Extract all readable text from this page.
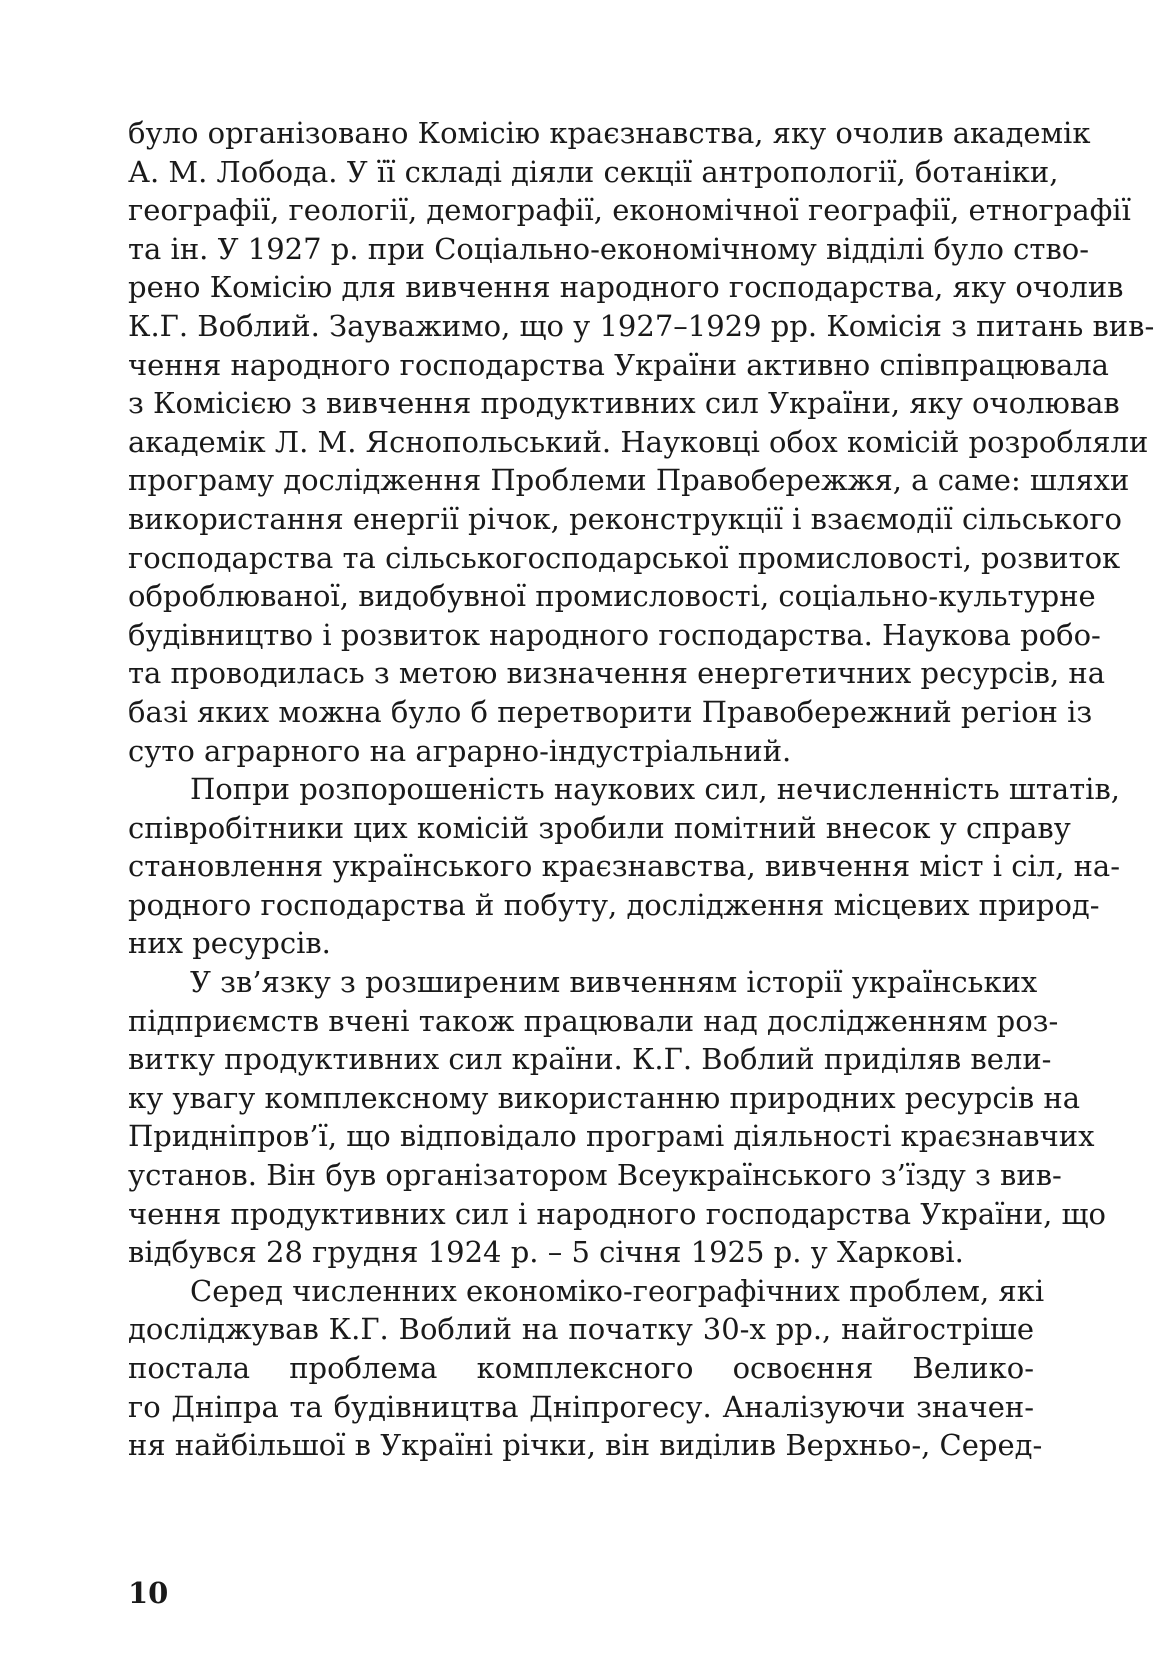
було організовано Комісію краєзнавства, яку очолив академік
А. М. Лобода. У її складі діяли секції антропології, ботаніки,
географії, геології, демографії, економічної географії, етнографії
та ін. У 1927 р. при Соціально-економічному відділі було ство-
рено Комісію для вивчення народного господарства, яку очолив
К.Г. Воблий. Зауважимо, що у 1927–1929 рр. Комісія з питань вив-
чення народного господарства України активно співпрацювала
з Комісією з вивчення продуктивних сил України, яку очолював
академік Л. М. Яснопольський. Науковці обох комісій розробляли
програму дослідження Проблеми Правобережжя, а саме: шляхи
використання енергії річок, реконструкції і взаємодії сільського
господарства та сільськогосподарської промисловості, розвиток
оброблюваної, видобувної промисловості, соціально-культурне
будівництво і розвиток народного господарства. Наукова робо-
та проводилась з метою визначення енергетичних ресурсів, на
базі яких можна було б перетворити Правобережний регіон із
суто аграрного на аграрно-індустріальний.
Попри розпорошеність наукових сил, нечисленність штатів,
співробітники цих комісій зробили помітний внесок у справу
становлення українського краєзнавства, вивчення міст і сіл, на-
родного господарства й побуту, дослідження місцевих природ-
них ресурсів.
У зв’язку з розширеним вивченням історії українських
підприємств вчені також працювали над дослідженням роз-
витку продуктивних сил країни. К.Г. Воблий приділяв вели-
ку увагу комплексному використанню природних ресурсів на
Придніпров’ї, що відповідало програмі діяльності краєзнавчих
установ. Він був організатором Всеукраїнського з’їзду з вив-
чення продуктивних сил і народного господарства України, що
відбувся 28 грудня 1924 р. – 5 січня 1925 р. у Харкові.
Серед численних економіко-географічних проблем, які
досліджував К.Г. Воблий на початку 30-х рр., найгостріше
постала проблема комплексного освоєння Велико-
го Дніпра та будівництва Дніпрогесу. Аналізуючи значен-
ня найбільшої в Україні річки, він виділив Верхньо-, Серед-
10
